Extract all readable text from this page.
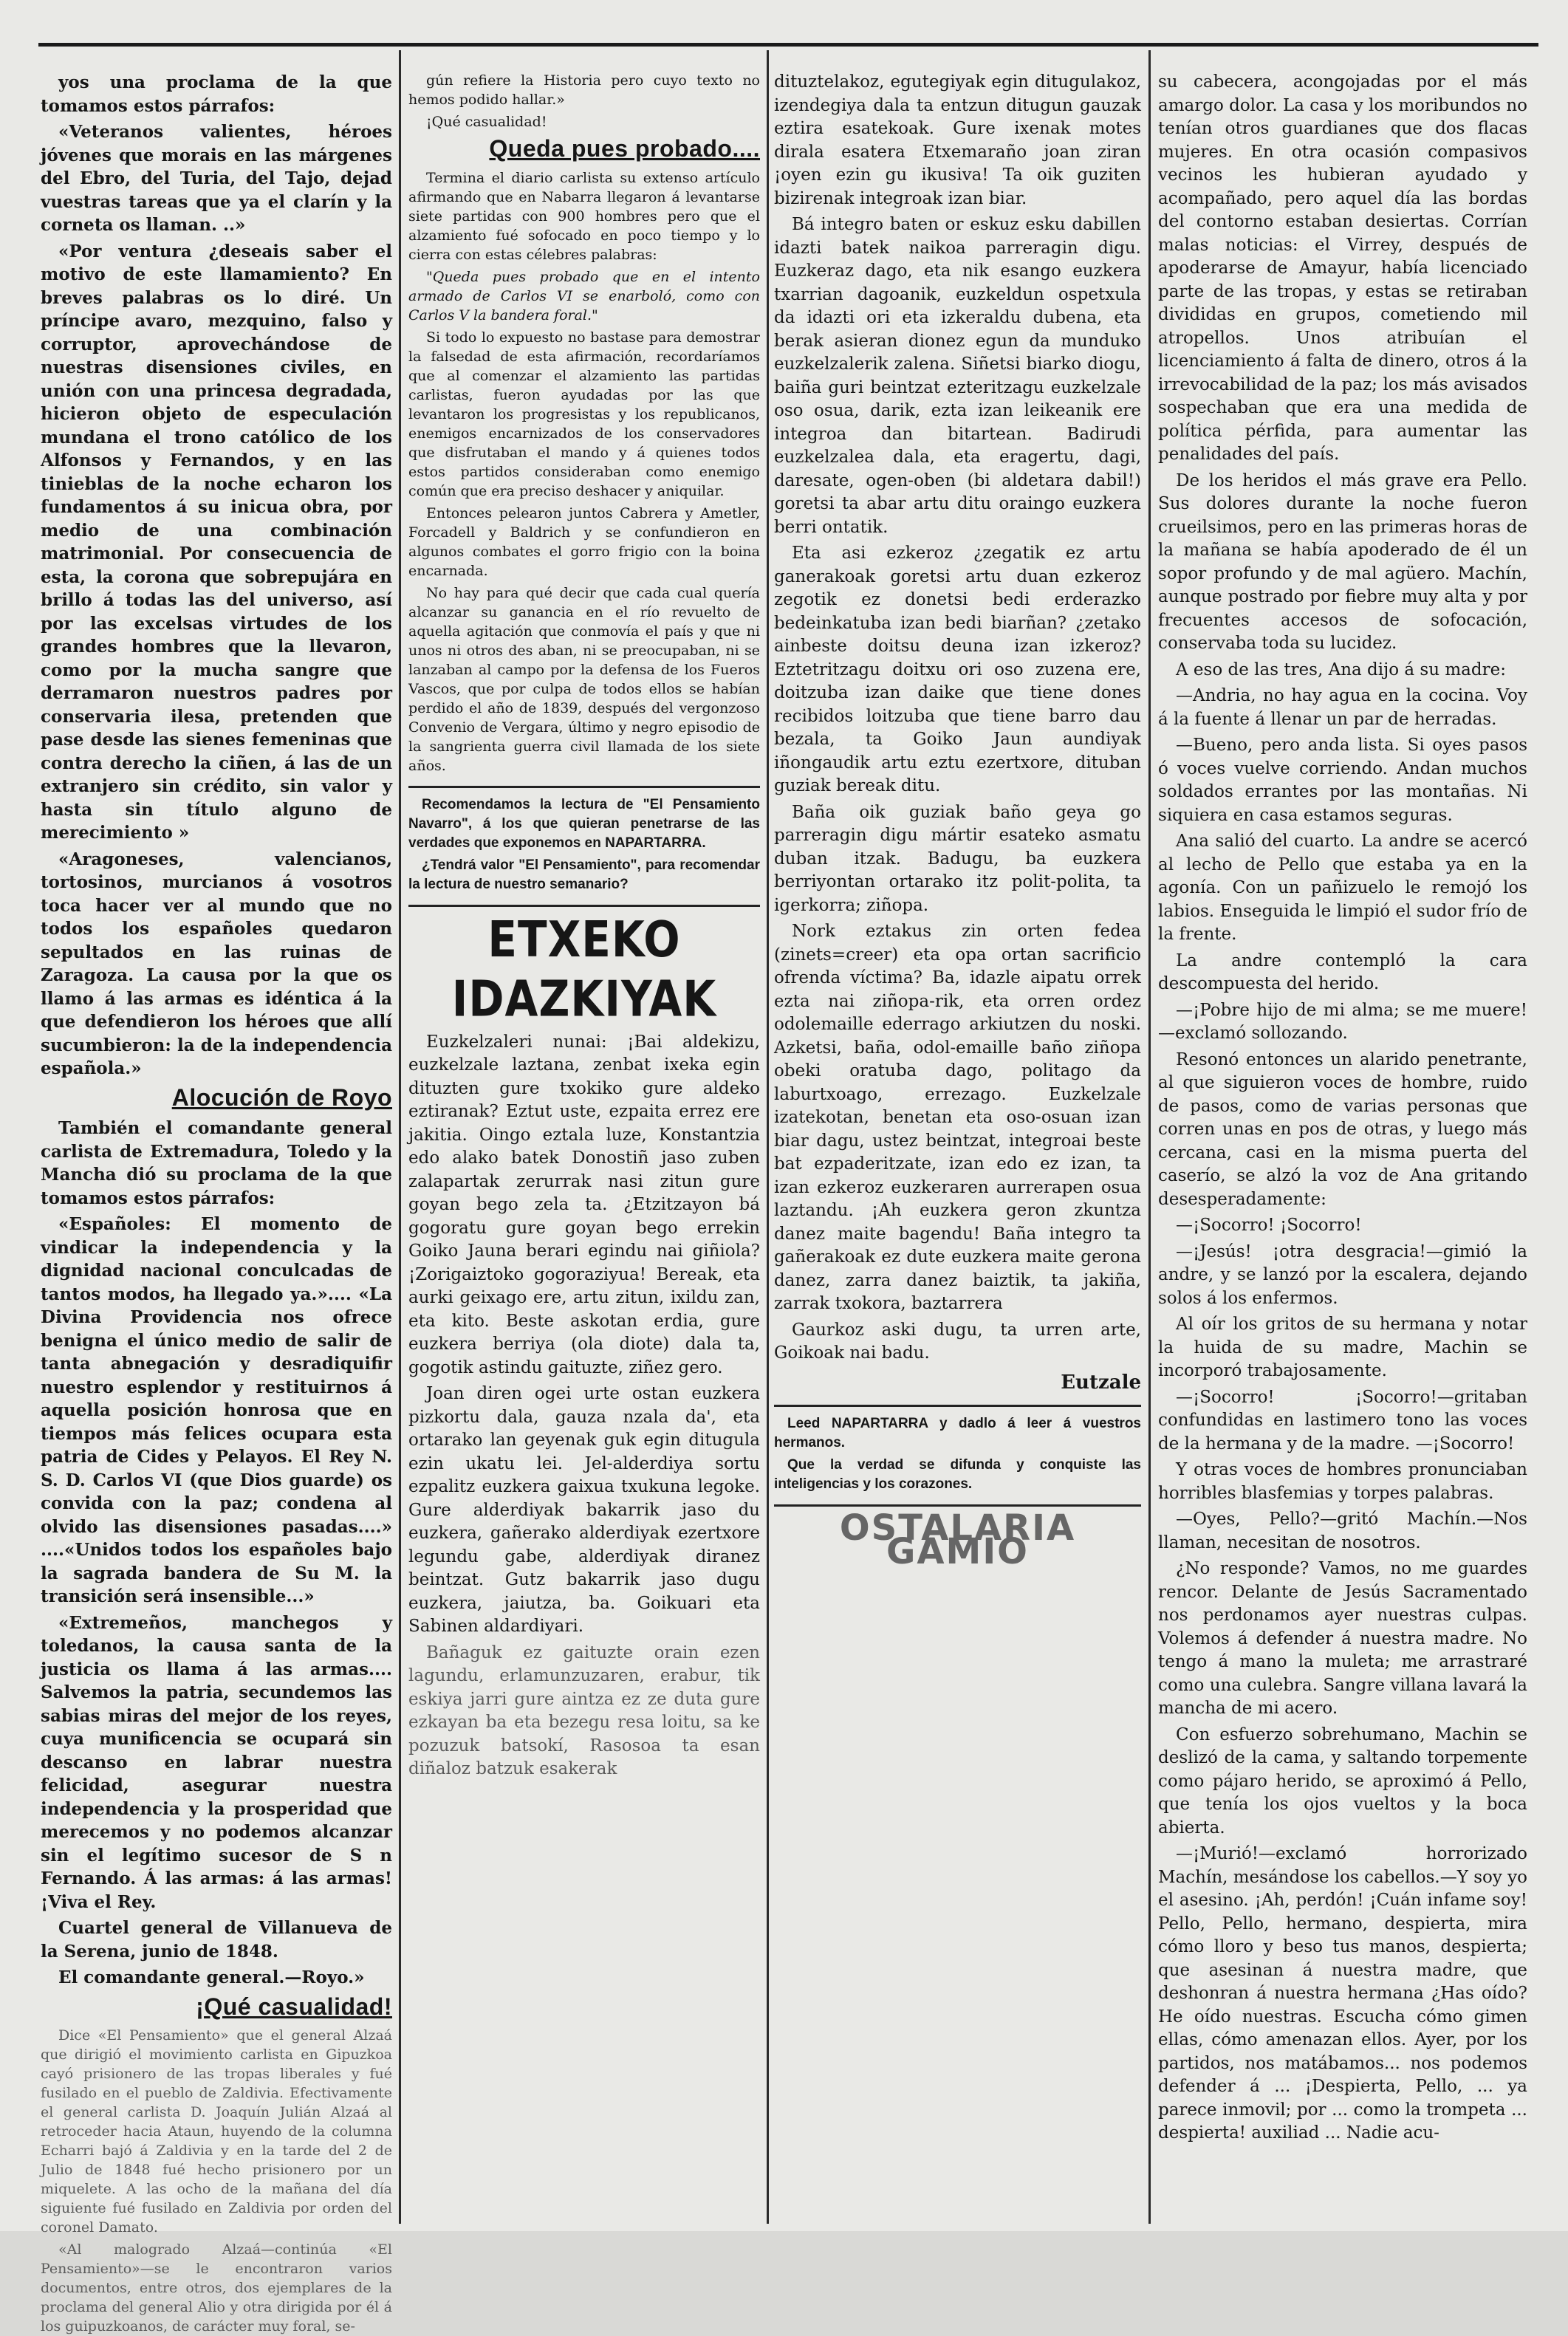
yos una proclama de la que tomamos estos párrafos:

«Veteranos valientes, héroes jóvenes que morais en las márgenes del Ebro, del Turia, del Tajo, dejad vuestras tareas que ya el clarín y la corneta os llaman. ..»

«Por ventura ¿deseais saber el motivo de este llamamiento? En breves palabras os lo diré. Un príncipe avaro, mezquino, falso y corruptor, aprovechándose de nuestras disensiones civiles, en unión con una princesa degradada, hicieron objeto de especulación mundana el trono católico de los Alfonsos y Fernandos, y en las tinieblas de la noche echaron los fundamentos á su inicua obra, por medio de una combinación matrimonial. Por consecuencia de esta, la corona que sobrepujára en brillo á todas las del universo, así por las excelsas virtudes de los grandes hombres que la llevaron, como por la mucha sangre que derramaron nuestros padres por conservaria ilesa, pretenden que pase desde las sienes femeninas que contra derecho la ciñen, á las de un extranjero sin crédito, sin valor y hasta sin título alguno de merecimiento »

«Aragoneses, valencianos, tortosinos, murcianos á vosotros toca hacer ver al mundo que no todos los españoles quedaron sepultados en las ruinas de Zaragoza. La causa por la que os llamo á las armas es idéntica á la que defendieron los héroes que allí sucumbieron: la de la independencia española.»

Alocución de Royo

También el comandante general carlista de Extremadura, Toledo y la Mancha dió su proclama de la que tomamos estos párrafos:

«Españoles: El momento de vindicar la independencia y la dignidad nacional conculcadas de tantos modos, ha llegado ya.».... «La Divina Providencia nos ofrece benigna el único medio de salir de tanta abnegación y desradiquifir nuestro esplendor y restituirnos á aquella posición honrosa que en tiempos más felices ocupara esta patria de Cides y Pelayos. El Rey N. S. D. Carlos VI (que Dios guarde) os convida con la paz; condena al olvido las disensiones pasadas....» ....«Unidos todos los españoles bajo la sagrada bandera de Su M. la transición será insensible...»

«Extremeños, manchegos y toledanos, la causa santa de la justicia os llama á las armas.... Salvemos la patria, secundemos las sabias miras del mejor de los reyes, cuya munificencia se ocupará sin descanso en labrar nuestra felicidad, asegurar nuestra independencia y la prosperidad que merecemos y no podemos alcanzar sin el legítimo sucesor de S n Fernando. Á las armas: á las armas! ¡Viva el Rey.

Cuartel general de Villanueva de la Serena, junio de 1848.

El comandante general.—Royo.»

¡Qué casualidad!

Dice «El Pensamiento» que el general Alzaá que dirigió el movimiento carlista en Gipuzkoa cayó prisionero de las tropas liberales y fué fusilado en el pueblo de Zaldivia. Efectivamente el general carlista D. Joaquín Julián Alzaá al retroceder hacia Ataun, huyendo de la columna Echarri bajó á Zaldivia y en la tarde del 2 de Julio de 1848 fué hecho prisionero por un miquelete. A las ocho de la mañana del día siguiente fué fusilado en Zaldivia por orden del coronel Damato.

«Al malogrado Alzaá—continúa «El Pensamiento»—se le encontraron varios documentos, entre otros, dos ejemplares de la proclama del general Alio y otra dirigida por él á los guipuzkoanos, de carácter muy foral, se-

gún refiere la Historia pero cuyo texto no hemos podido hallar.»

¡Qué casualidad!

Queda pues probado....

Termina el diario carlista su extenso artículo afirmando que en Nabarra llegaron á levantarse siete partidas con 900 hombres pero que el alzamiento fué sofocado en poco tiempo y lo cierra con estas célebres palabras:

"Queda pues probado que en el intento armado de Carlos VI se enarboló, como con Carlos V la bandera foral."

Si todo lo expuesto no bastase para demostrar la falsedad de esta afirmación, recordaríamos que al comenzar el alzamiento las partidas carlistas, fueron ayudadas por las que levantaron los progresistas y los republicanos, enemigos encarnizados de los conservadores que disfrutaban el mando y á quienes todos estos partidos consideraban como enemigo común que era preciso deshacer y aniquilar.

Entonces pelearon juntos Cabrera y Ametler, Forcadell y Baldrich y se confundieron en algunos combates el gorro frigio con la boina encarnada.

No hay para qué decir que cada cual quería alcanzar su ganancia en el río revuelto de aquella agitación que conmovía el país y que ni unos ni otros des aban, ni se preocupaban, ni se lanzaban al campo por la defensa de los Fueros Vascos, que por culpa de todos ellos se habían perdido el año de 1839, después del vergonzoso Convenio de Vergara, último y negro episodio de la sangrienta guerra civil llamada de los siete años.

Recomendamos la lectura de "El Pensamiento Navarro", á los que quieran penetrarse de las verdades que exponemos en NAPARTARRA.

¿Tendrá valor "El Pensamiento", para recomendar la lectura de nuestro semanario?

ETXEKO IDAZKIYAK

Euzkelzaleri nunai: ¡Bai aldekizu, euzkelzale laztana, zenbat ixeka egin dituzten gure txokiko gure aldeko eztiranak? Eztut uste, ezpaita errez ere jakitia. Oingo eztala luze, Konstantzia edo alako batek Donostiñ jaso zuben zalapartak zerurrak nasi zitun gure goyan bego zela ta. ¿Etzitzayon bá gogoratu gure goyan bego errekin Goiko Jauna berari egindu nai giñiola? ¡Zorigaiztoko gogoraziyua! Bereak, eta aurki geixago ere, artu zitun, ixildu zan, eta kito. Beste askotan erdia, gure euzkera berriya (ola diote) dala ta, gogotik astindu gaituzte, ziñez gero.

Joan diren ogei urte ostan euzkera pizkortu dala, gauza nzala da', eta ortarako lan geyenak guk egin ditugula ezin ukatu lei. Jel-alderdiya sortu ezpalitz euzkera gaixua txukuna legoke. Gure alderdiyak bakarrik jaso du euzkera, gañerako alderdiyak ezertxore legundu gabe, alderdiyak diranez beintzat. Gutz bakarrik jaso dugu euzkera, jaiutza, ba. Goikuari eta Sabinen aldardiyari.

Bañaguk ez gaituzte orain ezen lagundu, erlamunzuzaren, erabur, tik eskiya jarri gure aintza ez ze duta gure ezkayan ba eta bezegu resa loitu, sa ke pozuzuk batsokí, Rasosoa ta esan diñaloz batzuk esakerak

dituztelakoz, egutegiyak egin ditugulakoz, izendegiya dala ta entzun ditugun gauzak eztira esatekoak. Gure ixenak motes dirala esatera Etxemaraño joan ziran ¡oyen ezin gu ikusiva! Ta oik guziten bizirenak integroak izan biar.

Bá integro baten or eskuz esku dabillen idazti batek naikoa parreragin digu. Euzkeraz dago, eta nik esango euzkera txarrian dagoanik, euzkeldun ospetxula da idazti ori eta izkeraldu dubena, eta berak asieran dionez egun da munduko euzkelzalerik zalena. Siñetsi biarko diogu, baiña guri beintzat ezteritzagu euzkelzale oso osua, darik, ezta izan leikeanik ere integroa dan bitartean. Badirudi euzkelzalea dala, eta eragertu, dagi, daresate, ogen-oben (bi aldetara dabil!) goretsi ta abar artu ditu oraingo euzkera berri ontatik.

Eta asi ezkeroz ¿zegatik ez artu ganerakoak goretsi artu duan ezkeroz zegotik ez donetsi bedi erderazko bedeinkatuba izan bedi biarñan? ¿zetako ainbeste doitsu deuna izan izkeroz? Eztetritzagu doitxu ori oso zuzena ere, doitzuba izan daike que tiene dones recibidos loitzuba que tiene barro dau bezala, ta Goiko Jaun aundiyak iñongaudik artu eztu ezertxore, dituban guziak bereak ditu.

Baña oik guziak baño geya go parreragin digu mártir esateko asmatu duban itzak. Badugu, ba euzkera berriyontan ortarako itz polit-polita, ta igerkorra; ziñopa.

Nork eztakus zin orten fedea (zinets=creer) eta opa ortan sacrificio ofrenda víctima? Ba, idazle aipatu orrek ezta nai ziñopa-rik, eta orren ordez odolemaille ederrago arkiutzen du noski. Azketsi, baña, odol-emaille baño ziñopa obeki oratuba dago, politago da laburtxoago, errezago. Euzkelzale izatekotan, benetan eta oso-osuan izan biar dagu, ustez beintzat, integroai beste bat ezpaderitzate, izan edo ez izan, ta izan ezkeroz euzkeraren aurrerapen osua laztandu. ¡Ah euzkera geron zkuntza danez maite bagendu! Baña integro ta gañerakoak ez dute euzkera maite gerona danez, zarra danez baiztik, ta jakiña, zarrak txokora, baztarrera

Gaurkoz aski dugu, ta urren arte, Goikoak nai badu.

Eutzale

Leed NAPARTARRA y dadlo á leer á vuestros hermanos.

Que la verdad se difunda y conquiste las inteligencias y los corazones.

OSTALARIA GAMIO

su cabecera, acongojadas por el más amargo dolor. La casa y los moribundos no tenían otros guardianes que dos flacas mujeres. En otra ocasión compasivos vecinos les hubieran ayudado y acompañado, pero aquel día las bordas del contorno estaban desiertas. Corrían malas noticias: el Virrey, después de apoderarse de Amayur, había licenciado parte de las tropas, y estas se retiraban divididas en grupos, cometiendo mil atropellos. Unos atribuían el licenciamiento á falta de dinero, otros á la irrevocabilidad de la paz; los más avisados sospechaban que era una medida de política pérfida, para aumentar las penalidades del país.

De los heridos el más grave era Pello. Sus dolores durante la noche fueron crueilsimos, pero en las primeras horas de la mañana se había apoderado de él un sopor profundo y de mal agüero. Machín, aunque postrado por fiebre muy alta y por frecuentes accesos de sofocación, conservaba toda su lucidez.

A eso de las tres, Ana dijo á su madre:

—Andria, no hay agua en la cocina. Voy á la fuente á llenar un par de herradas.

—Bueno, pero anda lista. Si oyes pasos ó voces vuelve corriendo. Andan muchos soldados errantes por las montañas. Ni siquiera en casa estamos seguras.

Ana salió del cuarto. La andre se acercó al lecho de Pello que estaba ya en la agonía. Con un pañizuelo le remojó los labios. Enseguida le limpió el sudor frío de la frente.

La andre contempló la cara descompuesta del herido.

—¡Pobre hijo de mi alma; se me muere!—exclamó sollozando.

Resonó entonces un alarido penetrante, al que siguieron voces de hombre, ruido de pasos, como de varias personas que corren unas en pos de otras, y luego más cercana, casi en la misma puerta del caserío, se alzó la voz de Ana gritando desesperadamente:

—¡Socorro! ¡Socorro!

—¡Jesús! ¡otra desgracia!—gimió la andre, y se lanzó por la escalera, dejando solos á los enfermos.

Al oír los gritos de su hermana y notar la huida de su madre, Machin se incorporó trabajosamente.

—¡Socorro! ¡Socorro!—gritaban confundidas en lastimero tono las voces de la hermana y de la madre. —¡Socorro!

Y otras voces de hombres pronunciaban horribles blasfemias y torpes palabras.

—Oyes, Pello?—gritó Machín.—Nos llaman, necesitan de nosotros.

¿No responde? Vamos, no me guardes rencor. Delante de Jesús Sacramentado nos perdonamos ayer nuestras culpas. Volemos á defender á nuestra madre. No tengo á mano la muleta; me arrastraré como una culebra. Sangre villana lavará la mancha de mi acero.

Con esfuerzo sobrehumano, Machin se deslizó de la cama, y saltando torpemente como pájaro herido, se aproximó á Pello, que tenía los ojos vueltos y la boca abierta.

—¡Murió!—exclamó horrorizado Machín, mesándose los cabellos.—Y soy yo el asesino. ¡Ah, perdón! ¡Cuán infame soy! Pello, Pello, hermano, despierta, mira cómo lloro y beso tus manos, despierta; que asesinan á nuestra madre, que deshonran á nuestra hermana ¿Has oído? He oído nuestras. Escucha cómo gimen ellas, cómo amenazan ellos. Ayer, por los partidos, nos matábamos... nos podemos defender á ... ¡Despierta, Pello, ... ya parece inmovil; por ... como la trompeta ... despierta! auxiliad ... Nadie acu-
